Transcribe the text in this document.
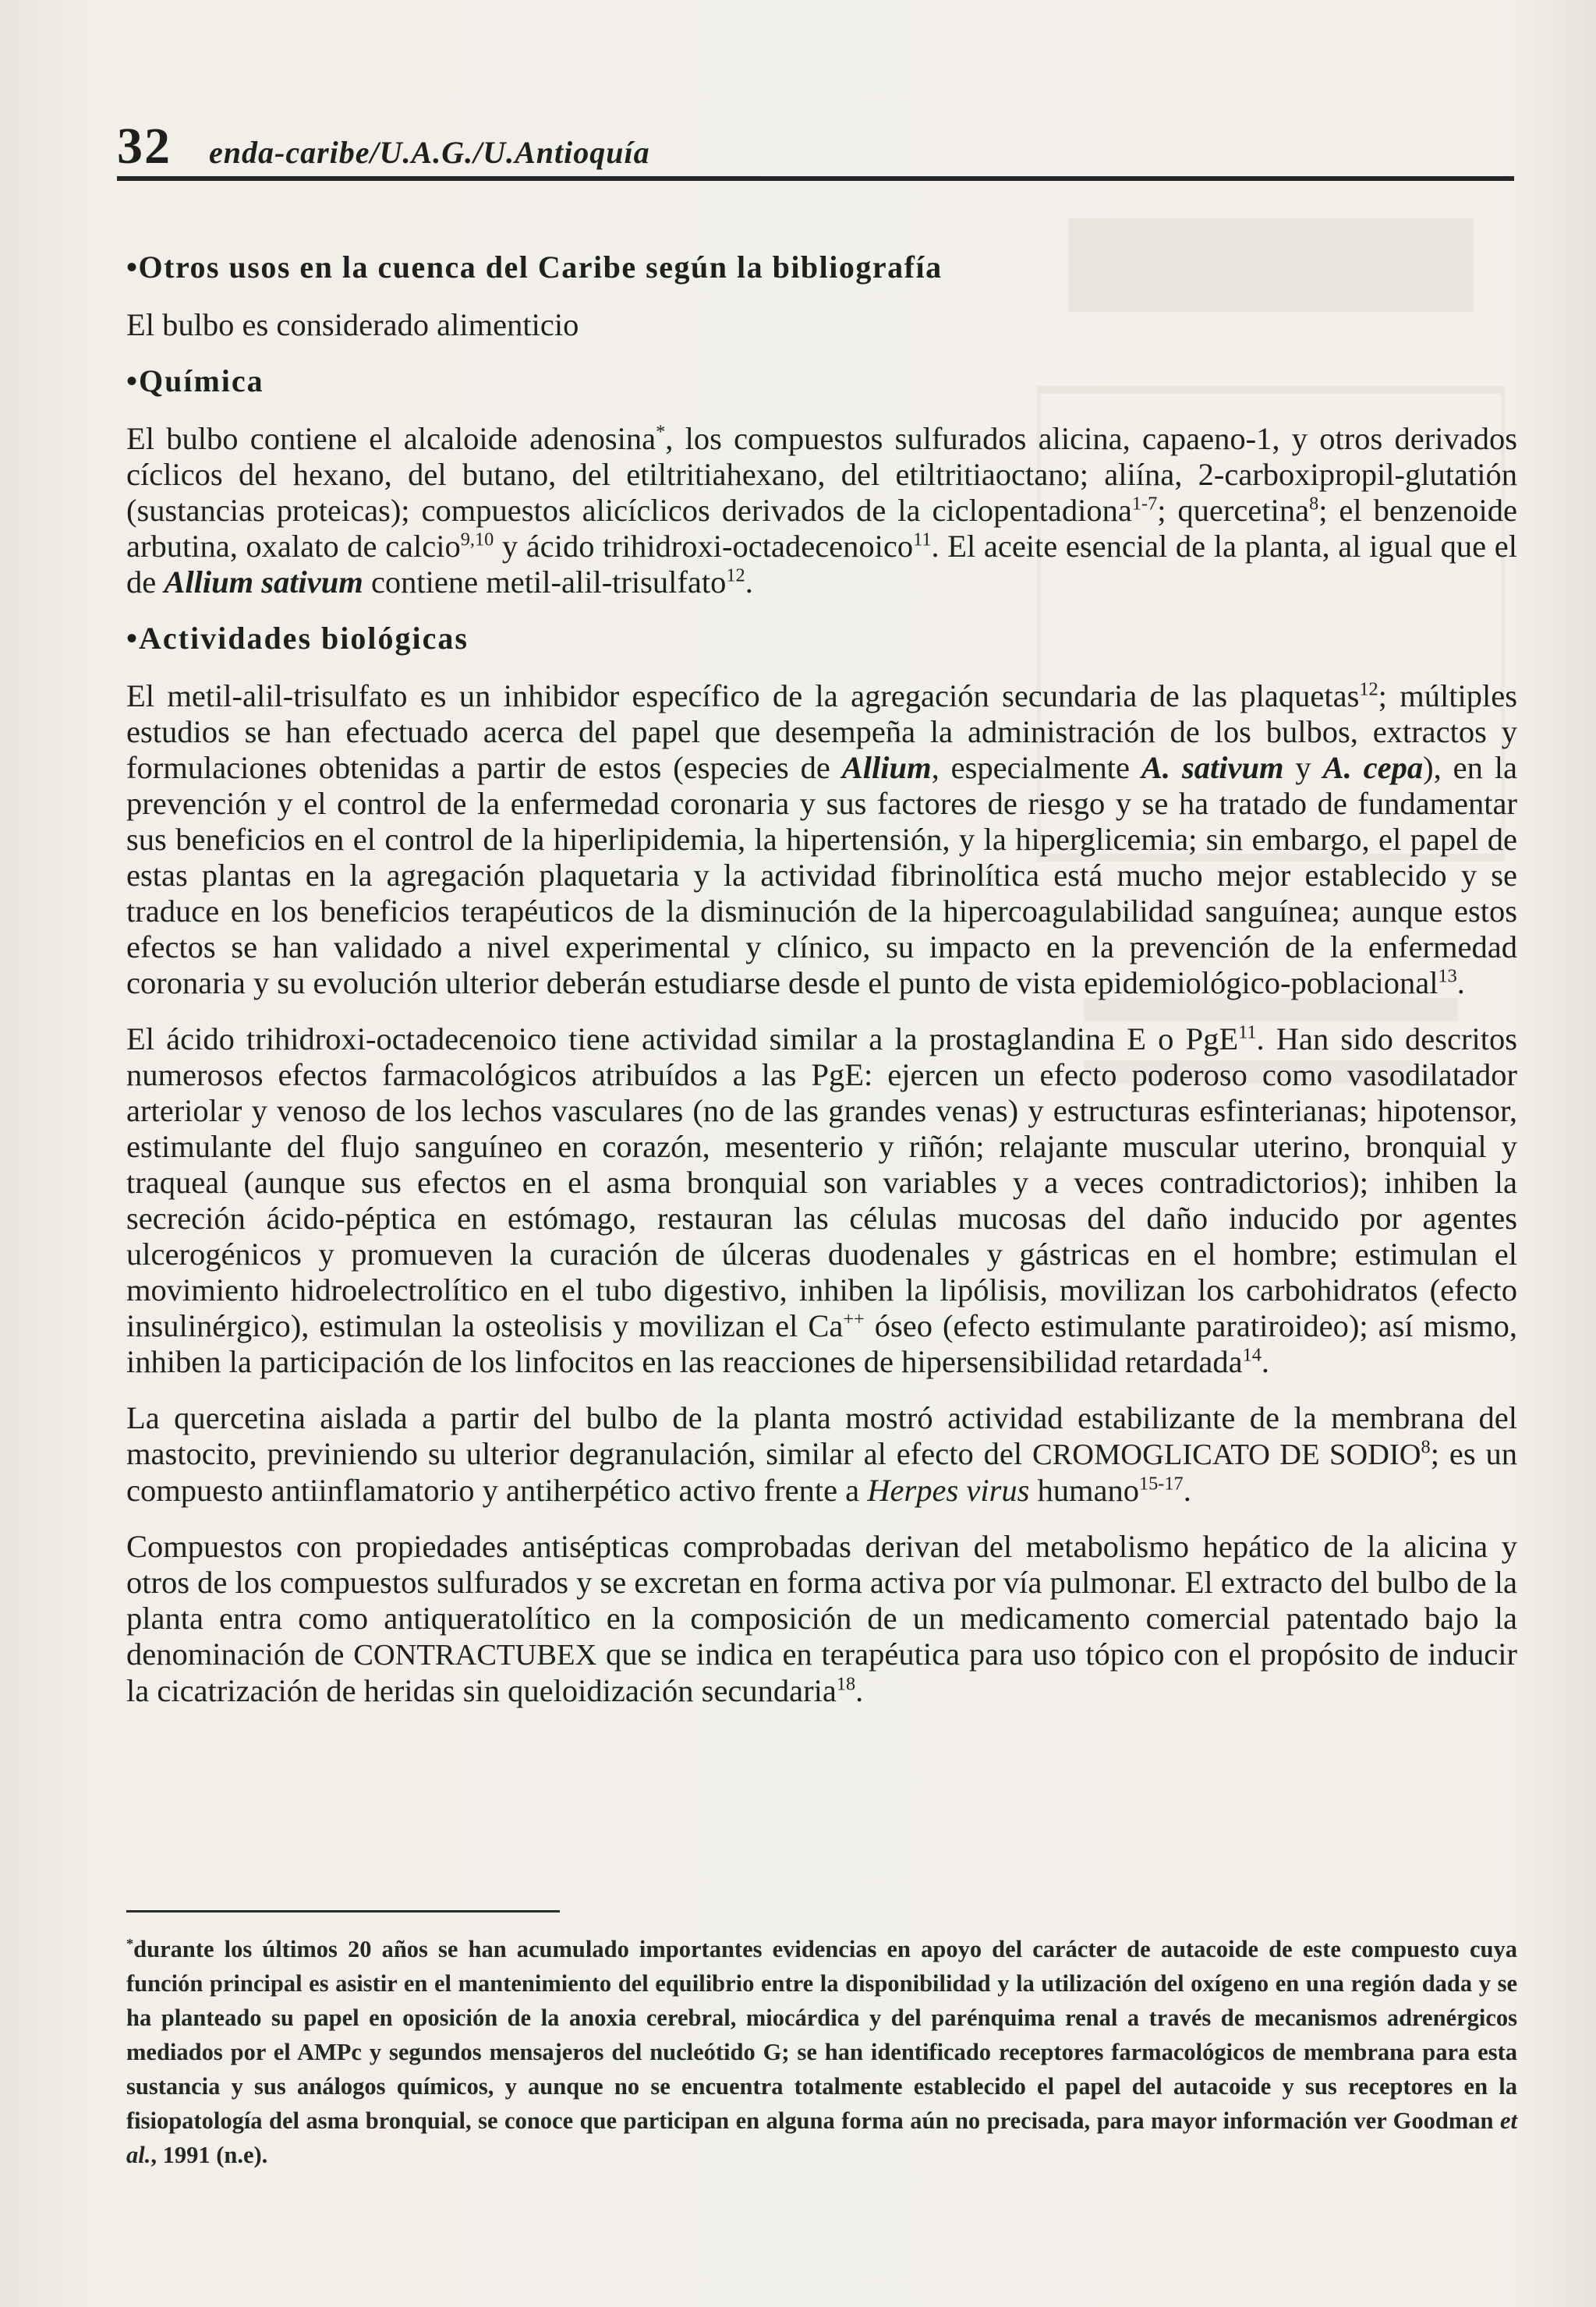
32 enda-caribe/U.A.G./U.Antioquía
•Otros usos en la cuenca del Caribe según la bibliografía

El bulbo es considerado alimenticio

•Química

El bulbo contiene el alcaloide adenosina*, los compuestos sulfurados alicina, capaeno-1, y otros derivados cíclicos del hexano, del butano, del etiltritiahexano, del etiltritiaoctano; aliína, 2-carboxipropil-glutatión (sustancias proteicas); compuestos alicíclicos derivados de la ciclopentadiona$^{1-7}$; quercetina$^8$; el benzenoide arbutina, oxalato de calcio$^{9,10}$ y ácido trihidroxi-octadecenoico$^{11}$. El aceite esencial de la planta, al igual que el de Allium sativum contiene metil-alil-trisulfato$^{12}$.

•Actividades biológicas

El metil-alil-trisulfato es un inhibidor específico de la agregación secundaria de las plaquetas$^{12}$; múltiples estudios se han efectuado acerca del papel que desempeña la administración de los bulbos, extractos y formulaciones obtenidas a partir de estos (especies de Allium, especialmente A. sativum y A. cepa), en la prevención y el control de la enfermedad coronaria y sus factores de riesgo y se ha tratado de fundamentar sus beneficios en el control de la hiperlipidemia, la hipertensión, y la hiperglicemia; sin embargo, el papel de estas plantas en la agregación plaquetaria y la actividad fibrinolítica está mucho mejor establecido y se traduce en los beneficios terapéuticos de la disminución de la hipercoagulabilidad sanguínea; aunque estos efectos se han validado a nivel experimental y clínico, su impacto en la prevención de la enfermedad coronaria y su evolución ulterior deberán estudiarse desde el punto de vista epidemiológico-poblacional$^{13}$.

El ácido trihidroxi-octadecenoico tiene actividad similar a la prostaglandina E o PgE$^{11}$. Han sido descritos numerosos efectos farmacológicos atribuídos a las PgE: ejercen un efecto poderoso como vasodilatador arteriolar y venoso de los lechos vasculares (no de las grandes venas) y estructuras esfinterianas; hipotensor, estimulante del flujo sanguíneo en corazón, mesenterio y riñón; relajante muscular uterino, bronquial y traqueal (aunque sus efectos en el asma bronquial son variables y a veces contradictorios); inhiben la secreción ácido-péptica en estómago, restauran las células mucosas del daño inducido por agentes ulcerogénicos y promueven la curación de úlceras duodenales y gástricas en el hombre; estimulan el movimiento hidroelectrolítico en el tubo digestivo, inhiben la lipólisis, movilizan los carbohidratos (efecto insulinérgico), estimulan la osteolisis y movilizan el Ca++ óseo (efecto estimulante paratiroideo); así mismo, inhiben la participación de los linfocitos en las reacciones de hipersensibilidad retardada$^{14}$.

La quercetina aislada a partir del bulbo de la planta mostró actividad estabilizante de la membrana del mastocito, previniendo su ulterior degranulación, similar al efecto del CROMOGLICATO DE SODIO$^8$; es un compuesto antiinflamatorio y antiherpético activo frente a Herpes virus humano$^{15-17}$.

Compuestos con propiedades antisépticas comprobadas derivan del metabolismo hepático de la alicina y otros de los compuestos sulfurados y se excretan en forma activa por vía pulmonar. El extracto del bulbo de la planta entra como antiqueratolítico en la composición de un medicamento comercial patentado bajo la denominación de CONTRACTUBEX que se indica en terapéutica para uso tópico con el propósito de inducir la cicatrización de heridas sin queloidización secundaria$^{18}$.

*durante los últimos 20 años se han acumulado importantes evidencias en apoyo del carácter de autacoide de este compuesto cuya función principal es asistir en el mantenimiento del equilibrio entre la disponibilidad y la utilización del oxígeno en una región dada y se ha planteado su papel en oposición de la anoxia cerebral, miocárdica y del parénquima renal a través de mecanismos adrenérgicos mediados por el AMPc y segundos mensajeros del nucleótido G; se han identificado receptores farmacológicos de membrana para esta sustancia y sus análogos químicos, y aunque no se encuentra totalmente establecido el papel del autacoide y sus receptores en la fisiopatología del asma bronquial, se conoce que participan en alguna forma aún no precisada, para mayor información ver Goodman et al., 1991 (n.e).
